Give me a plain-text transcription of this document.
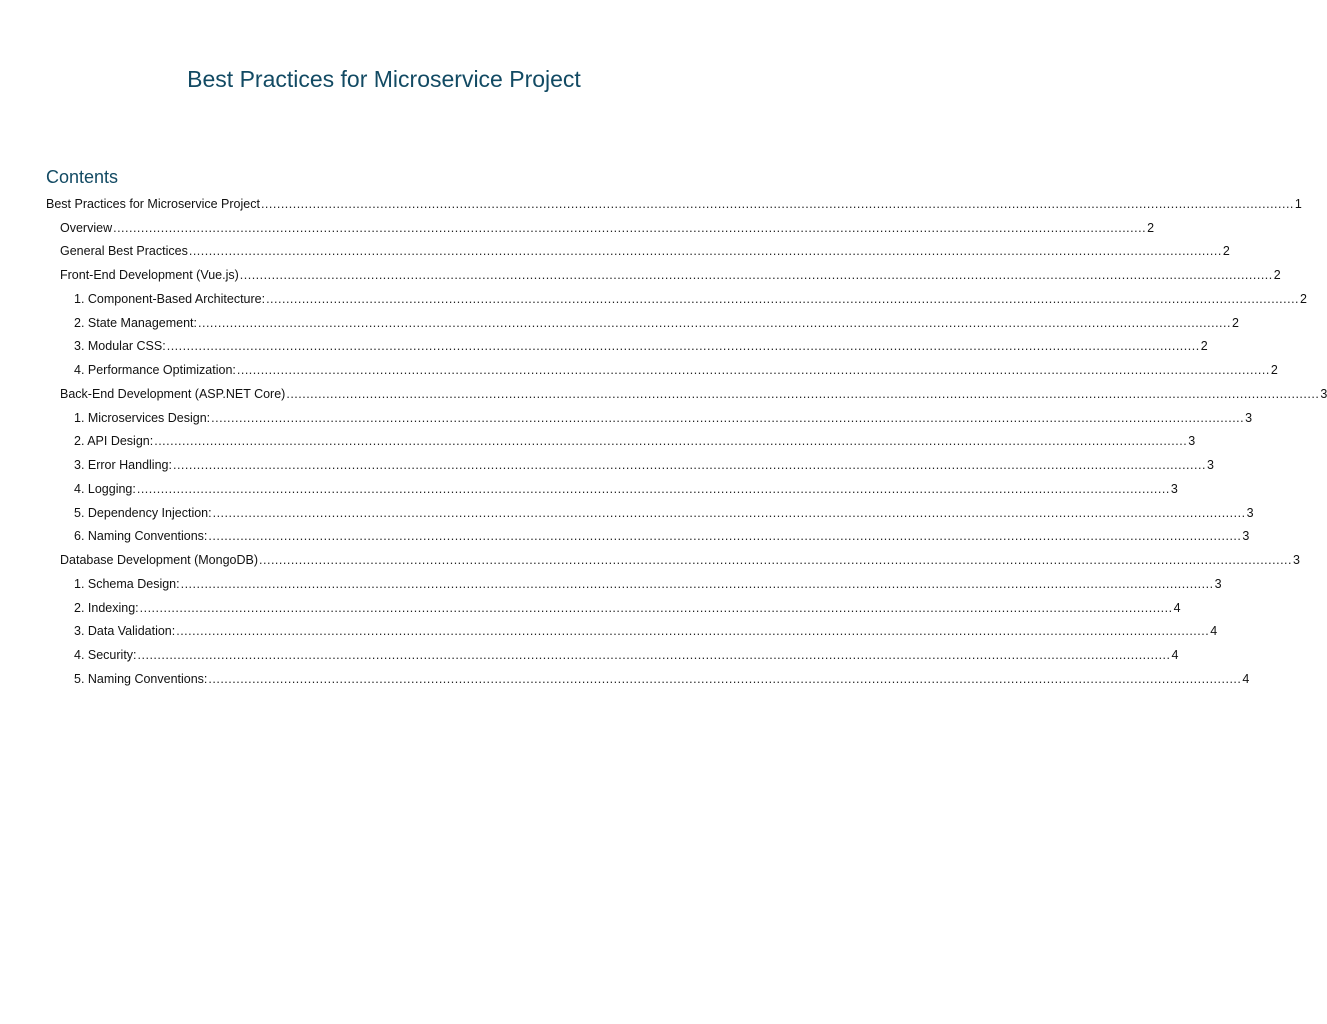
Best Practices for Microservice Project
Contents
Best Practices for Microservice Project .................................................................................................................................................................................................................................................................... 1
Overview .................................................................................................................................................................................................................................................................... 2
General Best Practices .................................................................................................................................................................................................................................................................... 2
Front-End Development (Vue.js) .................................................................................................................................................................................................................................................................... 2
1. Component-Based Architecture: .................................................................................................................................................................................................................................................................... 2
2. State Management: .................................................................................................................................................................................................................................................................... 2
3. Modular CSS: .................................................................................................................................................................................................................................................................... 2
4. Performance Optimization: .................................................................................................................................................................................................................................................................... 2
Back-End Development (ASP.NET Core) .................................................................................................................................................................................................................................................................... 3
1. Microservices Design: .................................................................................................................................................................................................................................................................... 3
2. API Design: .................................................................................................................................................................................................................................................................... 3
3. Error Handling: .................................................................................................................................................................................................................................................................... 3
4. Logging: .................................................................................................................................................................................................................................................................... 3
5. Dependency Injection: .................................................................................................................................................................................................................................................................... 3
6. Naming Conventions: .................................................................................................................................................................................................................................................................... 3
Database Development (MongoDB) .................................................................................................................................................................................................................................................................... 3
1. Schema Design: .................................................................................................................................................................................................................................................................... 3
2. Indexing: .................................................................................................................................................................................................................................................................... 4
3. Data Validation: .................................................................................................................................................................................................................................................................... 4
4. Security: .................................................................................................................................................................................................................................................................... 4
5. Naming Conventions: .................................................................................................................................................................................................................................................................... 4
